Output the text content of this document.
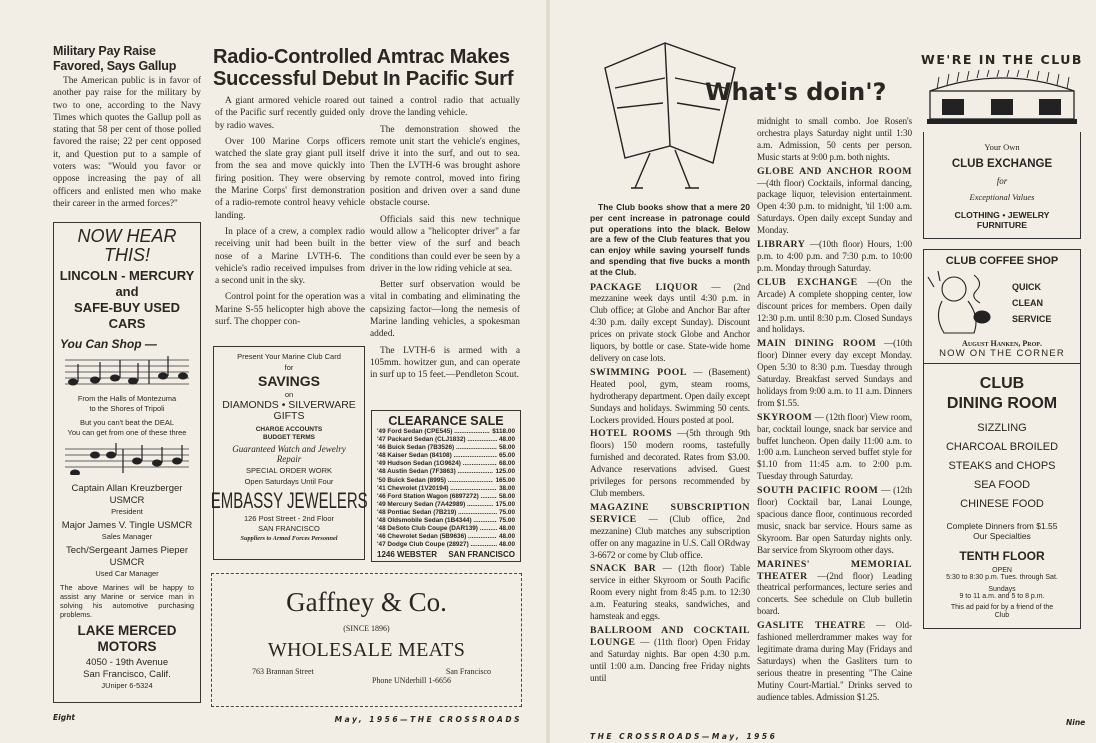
Military Pay Raise Favored, Says Gallup

The American public is in favor of another pay raise for the military by two to one, according to the Navy Times which quotes the Gallup poll as stating that 58 per cent of those polled favored the raise; 22 per cent opposed it, and Question put to a sample of voters was: "Would you favor or oppose increasing the pay of all officers and enlisted men who make their career in the armed forces?"

NOW HEAR THIS!
LINCOLN - MERCURY
and
SAFE-BUY USED CARS
You Can Shop —
From the Halls of Montezuma
to the Shores of Tripoli
But you can't beat the DEAL
You can get from one of these three
Captain Allan Kreuzberger
USMCR
President
Major James V. Tingle USMCR
Sales Manager
Tech/Sergeant James Pieper
USMCR
Used Car Manager
The above Marines will be happy to assist any Marine or service man in solving his automotive purchasing problems.
LAKE MERCED
MOTORS
4050 - 19th Avenue
San Francisco, Calif.
JUniper 6-5324
Eight
Radio-Controlled Amtrac Makes Successful Debut In Pacific Surf

A giant armored vehicle roared out of the Pacific surf recently guided only by radio waves.

Over 100 Marine Corps officers watched the slate gray giant pull itself from the sea and move quickly into firing position. They were observing the Marine Corps' first demonstration of a radio-remote control heavy vehicle landing.

In place of a crew, a complex radio receiving unit had been built in the nose of a Marine LVTH-6. The vehicle's radio received impulses from a second unit in the sky.

Control point for the operation was a Marine S-55 helicopter high above the surf. The chopper con-

tained a control radio that actually drove the landing vehicle.

The demonstration showed the remote unit start the vehicle's engines, drive it into the surf, and out to sea. Then the LVTH-6 was brought ashore by remote control, moved into firing position and driven over a sand dune obstacle course.

Officials said this new technique would allow a "helicopter driver" a far better view of the surf and beach conditions than could ever be seen by a driver in the low riding vehicle at sea.

Better surf observation would be vital in combating and eliminating the capsizing factor—long the nemesis of Marine landing vehicles, a spokesman added.

The LVTH-6 is armed with a 105mm. howitzer gun, and can operate in surf up to 15 feet.—Pendleton Scout.

Present Your Marine Club Card
for
SAVINGS
on
DIAMONDS • SILVERWARE
GIFTS
CHARGE ACCOUNTS
BUDGET TERMS
Guaranteed Watch and Jewelry Repair
SPECIAL ORDER WORK
Open Saturdays Until Four
EMBASSY JEWELERS
126 Post Street - 2nd Floor
SAN FRANCISCO
Suppliers to Armed Forces Personnel
CLEARANCE SALE
'49 Ford Sedan (CPE545) .....	$118.00
'47 Packard Sedan (CLJ1832) .....	48.00
'46 Buick Sedan (7B3526) .....	58.00
'48 Kaiser Sedan (84108) .....	65.00
'49 Hudson Sedan (1G9624) .....	68.00
'48 Austin Sedan (7F3863) .....	125.00
'50 Buick Sedan (8995) .....	165.00
'41 Chevrolet (1V20194) .....	38.00
'46 Ford Station Wagon (6897272) .....	58.00
'49 Mercury Sedan (7A42989) .....	175.00
'48 Pontiac Sedan (7B219) .....	75.00
'48 Oldsmobile Sedan (1B4344) .....	75.00
'48 DeSoto Club Coupe (DAR139) .....	48.00
'46 Chevrolet Sedan (5B9636) .....	48.00
'47 Dodge Club Coupe (28927) .....	48.00
1246 WEBSTER SAN FRANCISCO
Gaffney & Co.
(SINCE 1896)
WHOLESALE MEATS
763 Brannan Street	San Francisco
Phone UNderhill 1-6656
May, 1956—THE CROSSROADS
What's doin'?

The Club books show that a mere 20 per cent increase in patronage could put operations into the black. Below are a few of the Club features that you can enjoy while saving yourself funds and spending that five bucks a month at the Club.

PACKAGE LIQUOR — (2nd mezzanine week days until 4:30 p.m. in Club office; at Globe and Anchor Bar after 4:30 p.m. daily except Sunday). Discount prices on private stock Globe and Anchor liquors, by bottle or case. State-wide home delivery on case lots.

SWIMMING POOL — (Basement) Heated pool, gym, steam rooms, hydrotherapy department. Open daily except Sundays and holidays. Swimming 50 cents. Lockers provided. Hours posted at pool.

HOTEL ROOMS —(5th through 9th floors) 150 modern rooms, tastefully furnished and decorated. Rates from $3.00. Advance reservations advised. Guest privileges for persons recommended by Club members.

MAGAZINE SUBSCRIPTION SERVICE — (Club office, 2nd mezzanine) Club matches any subscription offer on any magazine in U.S. Call ORdway 3-6672 or come by Club office.

SNACK BAR — (12th floor) Table service in either Skyroom or South Pacific Room every night from 8:45 p.m. to 12:30 a.m. Featuring steaks, sandwiches, and hamsteak and eggs.

BALLROOM AND COCKTAIL LOUNGE — (11th floor) Open Friday and Saturday nights. Bar open 4:30 p.m. until 1:00 a.m. Dancing free Friday nights until

midnight to small combo. Joe Rosen's orchestra plays Saturday night until 1:30 a.m. Admission, 50 cents per person. Music starts at 9:00 p.m. both nights.

GLOBE AND ANCHOR ROOM —(4th floor) Cocktails, informal dancing, package liquor, television entertainment. Open 4:30 p.m. to midnight, 'til 1:00 a.m. Saturdays. Open daily except Sunday and Monday.

LIBRARY —(10th floor) Hours, 1:00 p.m. to 4:00 p.m. and 7:30 p.m. to 10:00 p.m. Monday through Saturday.

CLUB EXCHANGE —(On the Arcade) A complete shopping center, low discount prices for members. Open daily 12:30 p.m. until 8:30 p.m. Closed Sundays and holidays.

MAIN DINING ROOM —(10th floor) Dinner every day except Monday. Open 5:30 to 8:30 p.m. Tuesday through Saturday. Breakfast served Sundays and holidays from 9:00 a.m. to 11 a.m. Dinners from $1.55.

SKYROOM — (12th floor) View room, bar, cocktail lounge, snack bar service and buffet luncheon. Open daily 11:00 a.m. to 1:00 a.m. Luncheon served buffet style for $1.10 from 11:45 a.m. to 2:00 p.m. Tuesday through Saturday.

SOUTH PACIFIC ROOM — (12th floor) Cocktail bar, Lanai Lounge, spacious dance floor, continuous recorded music, snack bar service. Hours same as Skyroom. Bar open Saturday nights only. Bar service from Skyroom other days.

MARINES' MEMORIAL THEATER —(2nd floor) Leading theatrical performances, lecture series and concerts. See schedule on Club bulletin board.

GASLITE THEATRE — Old-fashioned mellerdrammer makes way for legitimate drama during May (Fridays and Saturdays) when the Gasliters turn to serious theatre in presenting "The Caine Mutiny Court-Martial." Drinks served to audience tables. Admission $1.25.

THE CROSSROADS—May, 1956
WE'RE IN THE CLUB
Your Own
CLUB EXCHANGE
for
Exceptional Values
CLOTHING • JEWELRY
FURNITURE
CLUB COFFEE SHOP
QUICK
CLEAN
SERVICE
August Hanken, Prop.
NOW ON THE CORNER
CLUB
DINING ROOM
SIZZLING
CHARCOAL BROILED
STEAKS and CHOPS
SEA FOOD
CHINESE FOOD
Complete Dinners from $1.55
Our Specialties
TENTH FLOOR
OPEN
5:30 to 8:30 p.m. Tues. through Sat.
Sundays
9 to 11 a.m. and 5 to 8 p.m.
This ad paid for by a friend of the Club
Nine
